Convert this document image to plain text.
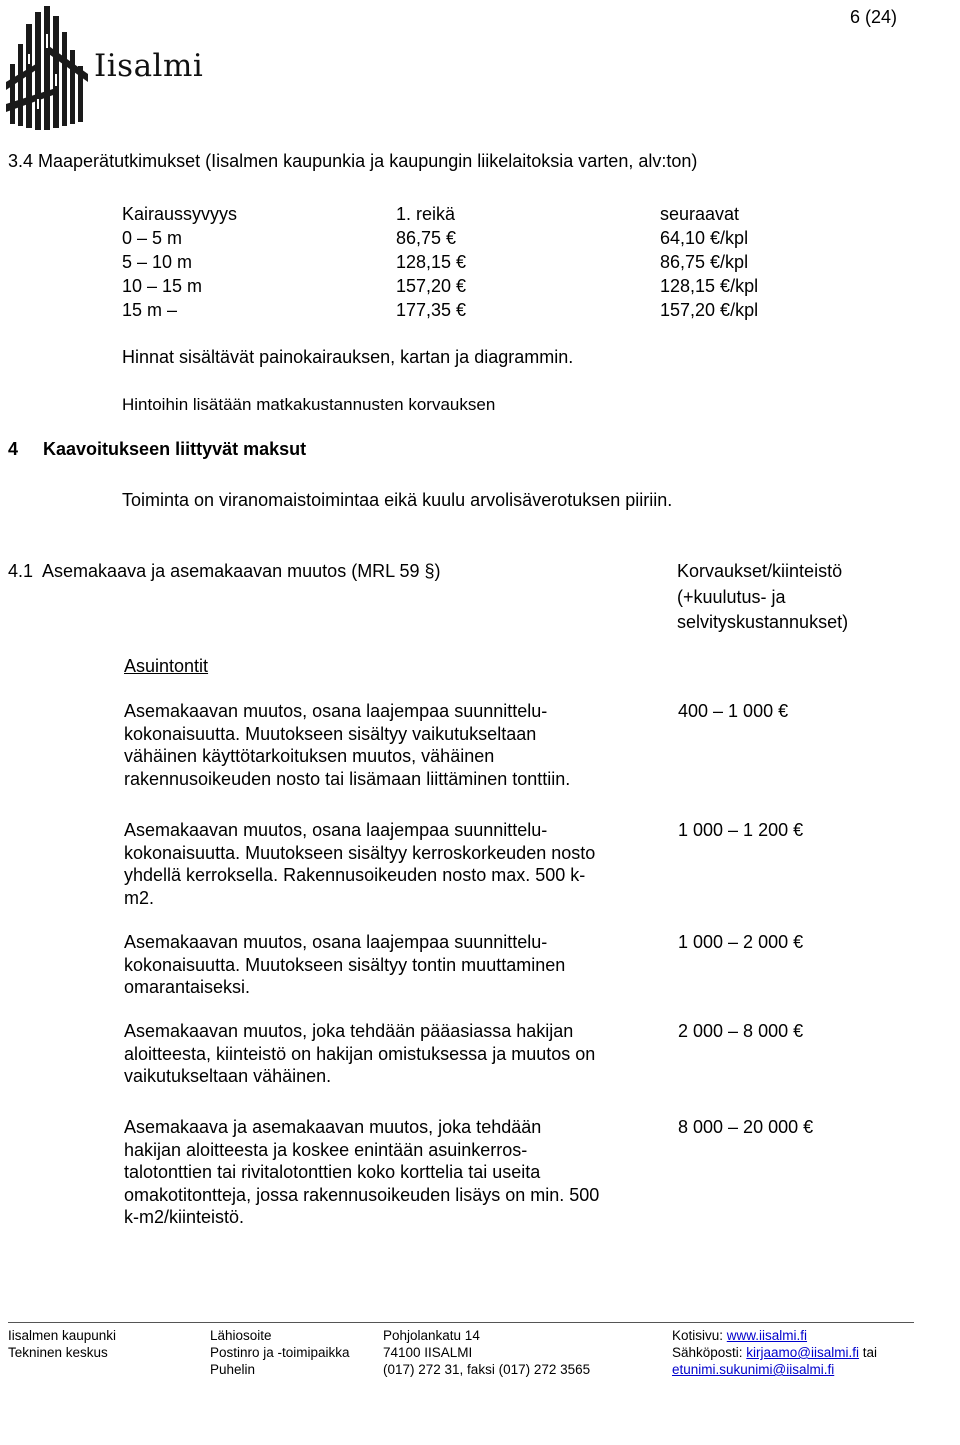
Iisalmi
6 (24)
3.4 Maaperätutkimukset (Iisalmen kaupunkia ja kaupungin liikelaitoksia varten, alv:ton)
Kairaussyvyys	1. reikä	seuraavat
0 – 5 m	86,75 €	64,10 €/kpl
5 – 10 m	128,15 €	86,75 €/kpl
10 – 15 m	157,20 €	128,15 €/kpl
15 m –	177,35 €	157,20 €/kpl
Hinnat sisältävät painokairauksen, kartan ja diagrammin.
Hintoihin lisätään matkakustannusten korvauksen
4     Kaavoitukseen liittyvät maksut
Toiminta on viranomaistoimintaa eikä kuulu arvolisäverotuksen piiriin.
4.1  Asemakaava ja asemakaavan muutos (MRL 59 §)	Korvaukset/kiinteistö
(+kuulutus- ja
selvityskustannukset)
Asuintontit
Asemakaavan muutos, osana laajempaa suunnittelu-
kokonaisuutta. Muutokseen sisältyy vaikutukseltaan
vähäinen käyttötarkoituksen muutos, vähäinen
rakennusoikeuden nosto tai lisämaan liittäminen tonttiin.
400 – 1 000 €
Asemakaavan muutos, osana laajempaa suunnittelu-
kokonaisuutta. Muutokseen sisältyy kerroskorkeuden nosto
yhdellä kerroksella. Rakennusoikeuden nosto max. 500 k-
m2.
1 000 – 1 200 €
Asemakaavan muutos, osana laajempaa suunnittelu-
kokonaisuutta. Muutokseen sisältyy tontin muuttaminen
omarantaiseksi.
1 000 – 2 000 €
Asemakaavan muutos, joka tehdään pääasiassa hakijan
aloitteesta, kiinteistö on hakijan omistuksessa ja muutos on
vaikutukseltaan vähäinen.
2 000 – 8 000 €
Asemakaava ja asemakaavan muutos, joka tehdään
hakijan aloitteesta ja koskee enintään asuinkerros-
talotonttien tai rivitalotonttien koko korttelia tai useita
omakotitontteja, jossa rakennusoikeuden lisäys on min. 500
k-m2/kiinteistö.
8 000 – 20 000 €
Iisalmen kaupunki
Tekninen keskus
Lähiosoite
Postinro ja -toimipaikka
Puhelin
Pohjolankatu 14
74100 IISALMI
(017) 272 31, faksi (017) 272 3565
Kotisivu: www.iisalmi.fi
Sähköposti: kirjaamo@iisalmi.fi tai
etunimi.sukunimi@iisalmi.fi
